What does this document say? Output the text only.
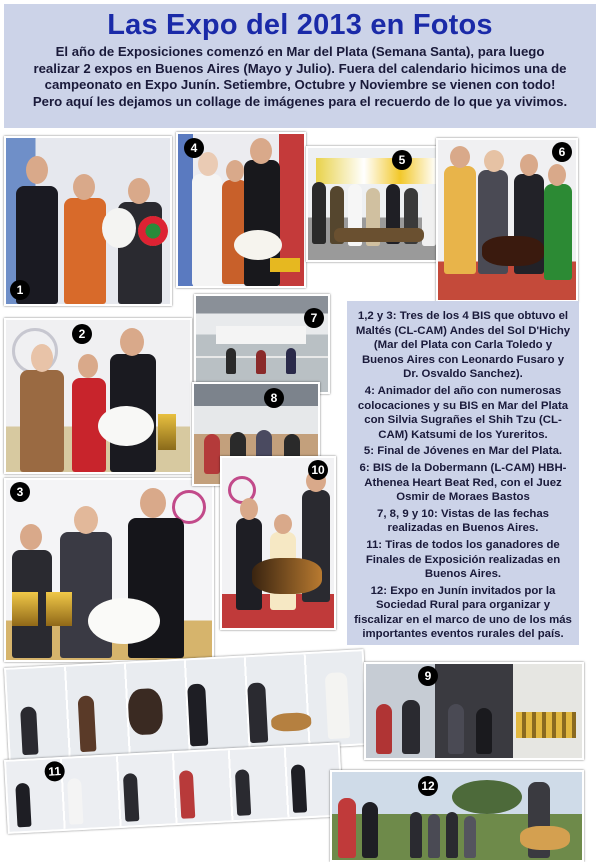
Las Expo del 2013 en Fotos
El año de Exposiciones comenzó en Mar del Plata (Semana Santa), para luego realizar 2 expos en Buenos Aires (Mayo y Julio). Fuera del calendario hicimos una de campeonato en Expo Junín. Setiembre, Octubre y Noviembre se vienen con todo! Pero aquí les dejamos un collage de imágenes para el recuerdo de lo que ya vivimos.
1
2
3
4
5
6
7
8
10

1,2 y 3: Tres de los 4 BIS que obtuvo el Maltés (CL-CAM) Andes del Sol D'Hichy (Mar del Plata con Carla Toledo y Buenos Aires con Leonardo Fusaro y Dr. Osvaldo Sanchez).

4: Animador del año con numerosas colocaciones y su BIS en Mar del Plata con Silvia Sugrañes el Shih Tzu (CL-CAM) Katsumi de los Yureritos.

5: Final de Jóvenes en Mar del Plata.

6: BIS de la Dobermann (L-CAM) HBH-Athenea Heart Beat Red, con el Juez Osmir de Moraes Bastos

7, 8, 9 y 10: Vistas de las fechas realizadas en Buenos Aires.

11: Tiras de todos los ganadores de Finales de Exposición realizadas en Buenos Aires.

12: Expo en Junín invitados por la Sociedad Rural para organizar y fiscalizar en el marco de uno de los más importantes eventos rurales del país.

11
9
12
